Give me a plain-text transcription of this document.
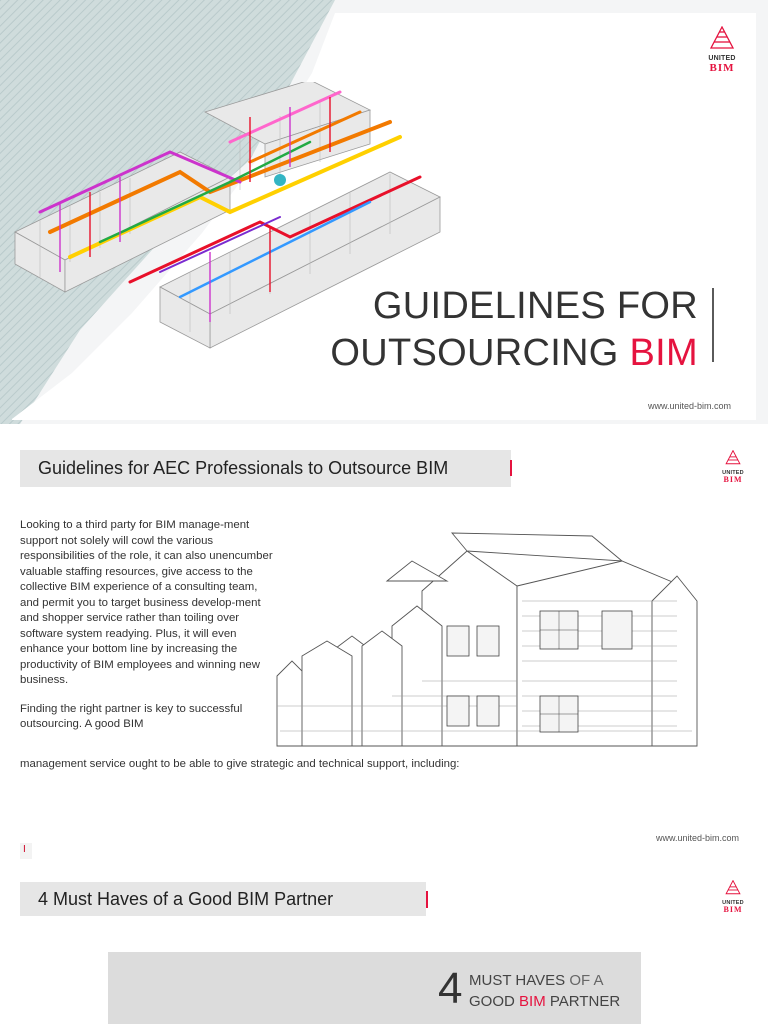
GUIDELINES FOR
OUTSOURCING BIM
www.united-bim.com
UNITED
BIM
Guidelines for AEC Professionals to Outsource BIM	UNITED
BIM

Looking to a third party for BIM manage-ment support not solely will cowl the various responsibilities of the role, it can also unencumber valuable staffing resources, give access to the collective BIM experience of a consulting team, and permit you to target business develop-ment and shopper service rather than toiling over software system readying. Plus, it will even enhance your bottom line by increasing the productivity of BIM employees and winning new business.

Finding the right partner is key to successful outsourcing. A good BIM

management service ought to be able to give strategic and technical support, including:
www.united-bim.com
I
4 Must Haves of a Good BIM Partner	UNITED
BIM
4 MUST HAVES OF A
GOOD BIM PARTNER
